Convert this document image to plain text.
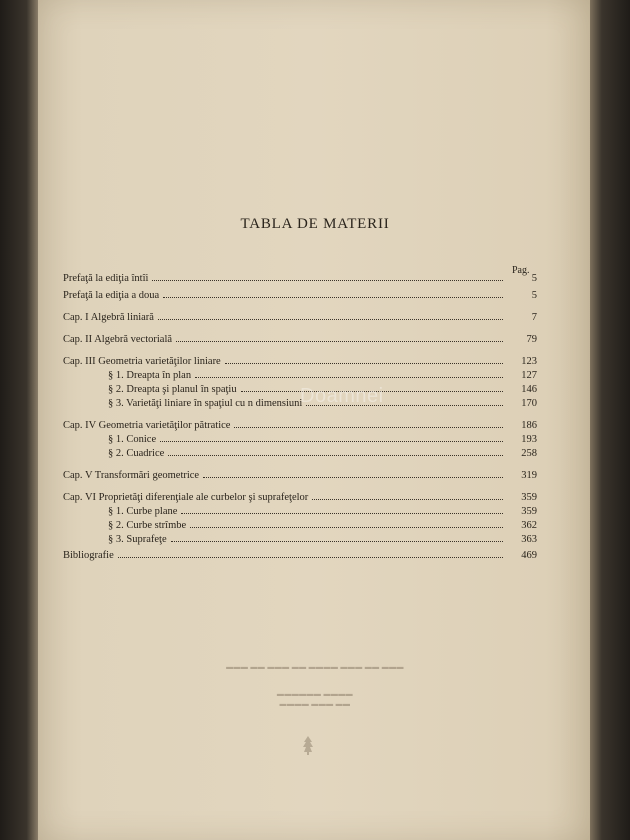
TABLA DE MATERII
Pag.
Prefaţă la ediţia întîi	5
Prefaţă la ediţia a doua	5
Cap. I Algebră liniară	7
Cap. II Algebră vectorială	79
Cap. III Geometria varietăţilor liniare	123
§ 1. Dreapta în plan	127
§ 2. Dreapta şi planul în spaţiu	146
§ 3. Varietăţi liniare în spaţiul cu n dimensiuni	170
Cap. IV Geometria varietăţilor pătratice	186
§ 1. Conice	193
§ 2. Cuadrice	258
Cap. V Transformări geometrice	319
Cap. VI Proprietăţi diferenţiale ale curbelor şi suprafeţelor	359
§ 1. Curbe plane	359
§ 2. Curbe strîmbe	362
§ 3. Suprafeţe	363
Bibliografie	469
Doamnei
▬▬▬ ▬▬ ▬▬▬ ▬▬ ▬▬▬▬ ▬▬▬ ▬▬ ▬▬▬
▬▬▬▬▬▬ ▬▬▬▬
▬▬▬▬ ▬▬▬ ▬▬
